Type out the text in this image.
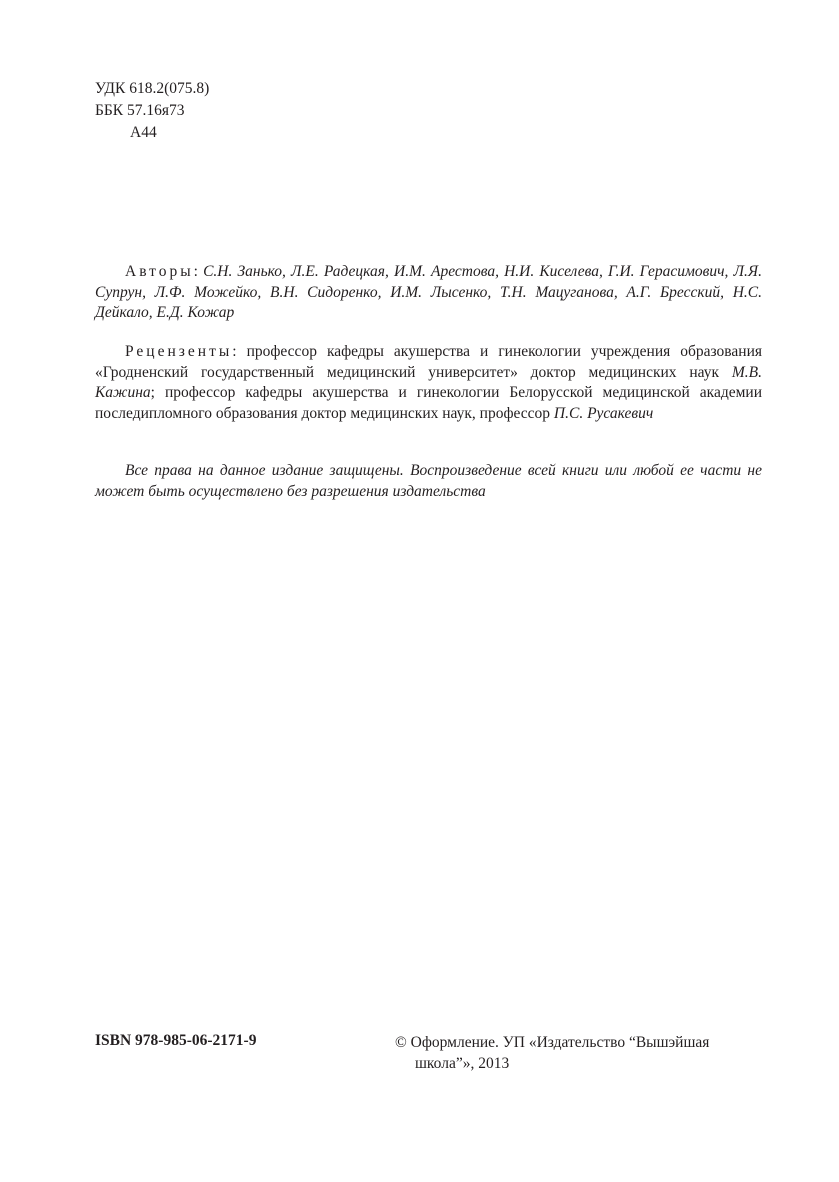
УДК 618.2(075.8)
ББК 57.16я73
А44

Авторы: С.Н. Занько, Л.Е. Радецкая, И.М. Арестова, Н.И. Киселева, Г.И. Герасимович, Л.Я. Супрун, Л.Ф. Можейко, В.Н. Сидоренко, И.М. Лысенко, Т.Н. Мацуганова, А.Г. Бресский, Н.С. Дейкало, Е.Д. Кожар

Рецензенты: профессор кафедры акушерства и гинекологии учреждения образования «Гродненский государственный медицинский университет» доктор медицинских наук М.В. Кажина; профессор кафедры акушерства и гинекологии Белорусской медицинской академии последипломного образования доктор медицинских наук, профессор П.С. Русакевич

Все права на данное издание защищены. Воспроизведение всей книги или любой ее части не может быть осуществлено без разрешения издательства

ISBN 978-985-06-2171-9	© Оформление. УП «Издательство “Вышэйшая
школа”», 2013
